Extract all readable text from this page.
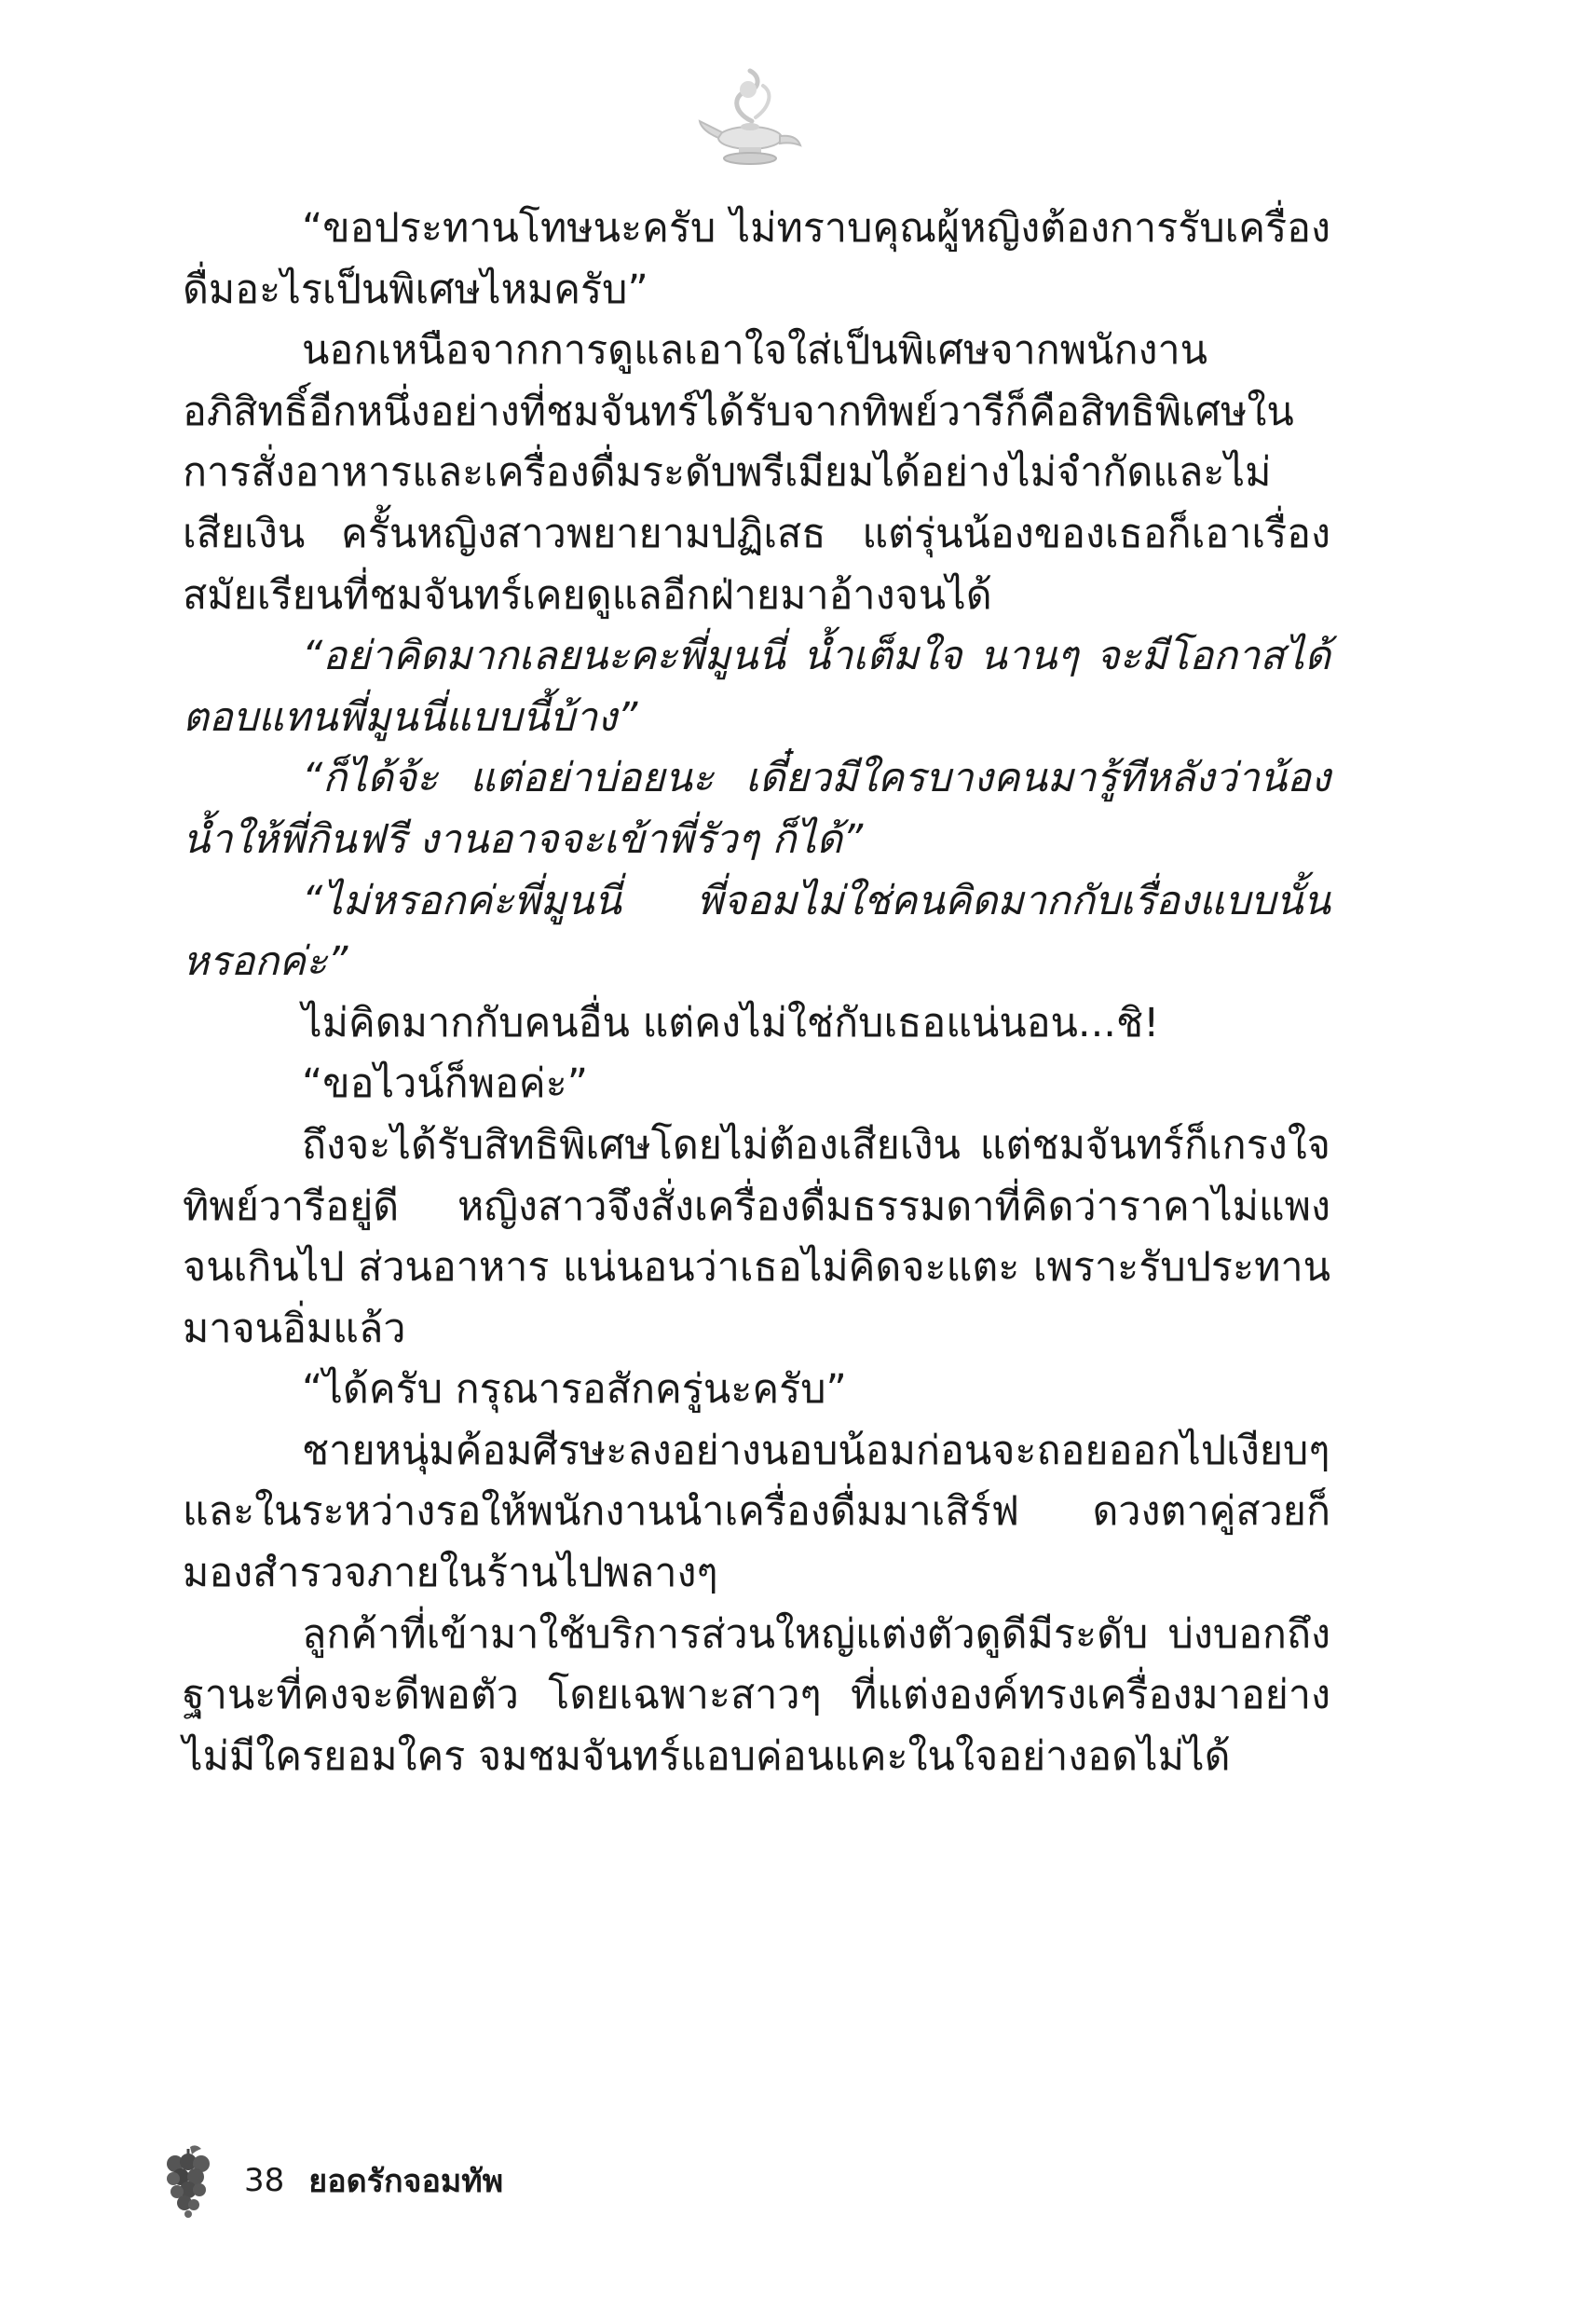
“ขอประทานโทษนะครับ ไม่ทราบคุณผู้หญิงต้องการรับเครื่องดื่มอะไรเป็นพิเศษไหมครับ”

นอกเหนือจากการดูแลเอาใจใส่เป็นพิเศษจากพนักงานอภิสิทธิ์อีกหนึ่งอย่างที่ชมจันทร์ได้รับจากทิพย์วารีก็คือสิทธิพิเศษในการสั่งอาหารและเครื่องดื่มระดับพรีเมียมได้อย่างไม่จำกัดและไม่เสียเงิน ครั้นหญิงสาวพยายามปฏิเสธ แต่รุ่นน้องของเธอก็เอาเรื่องสมัยเรียนที่ชมจันทร์เคยดูแลอีกฝ่ายมาอ้างจนได้

“อย่าคิดมากเลยนะคะพี่มูนนี่ น้ำเต็มใจ นานๆ จะมีโอกาสได้ตอบแทนพี่มูนนี่แบบนี้บ้าง”

“ก็ได้จ้ะ แต่อย่าบ่อยนะ เดี๋ยวมีใครบางคนมารู้ทีหลังว่าน้องน้ำให้พี่กินฟรี งานอาจจะเข้าพี่รัวๆ ก็ได้”

“ไม่หรอกค่ะพี่มูนนี่ พี่จอมไม่ใช่คนคิดมากกับเรื่องแบบนั้นหรอกค่ะ”

ไม่คิดมากกับคนอื่น แต่คงไม่ใช่กับเธอแน่นอน...ชิ!

“ขอไวน์ก็พอค่ะ”

ถึงจะได้รับสิทธิพิเศษโดยไม่ต้องเสียเงิน แต่ชมจันทร์ก็เกรงใจทิพย์วารีอยู่ดี หญิงสาวจึงสั่งเครื่องดื่มธรรมดาที่คิดว่าราคาไม่แพงจนเกินไป ส่วนอาหาร แน่นอนว่าเธอไม่คิดจะแตะ เพราะรับประทานมาจนอิ่มแล้ว

“ได้ครับ กรุณารอสักครู่นะครับ”

ชายหนุ่มค้อมศีรษะลงอย่างนอบน้อมก่อนจะถอยออกไปเงียบๆ และในระหว่างรอให้พนักงานนำเครื่องดื่มมาเสิร์ฟ ดวงตาคู่สวยก็มองสำรวจภายในร้านไปพลางๆ

ลูกค้าที่เข้ามาใช้บริการส่วนใหญ่แต่งตัวดูดีมีระดับ บ่งบอกถึงฐานะที่คงจะดีพอตัว โดยเฉพาะสาวๆ ที่แต่งองค์ทรงเครื่องมาอย่างไม่มีใครยอมใคร จมชมจันทร์แอบค่อนแคะในใจอย่างอดไม่ได้

38 ยอดรักจอมทัพ
